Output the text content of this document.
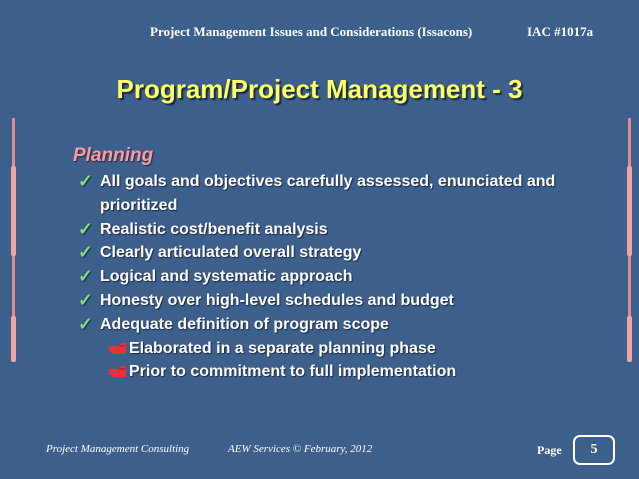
Project Management Issues and Considerations (Issacons)	IAC #1017a
Program/Project Management - 3
Planning
✓ All goals and objectives carefully assessed, enunciated and prioritized
✓ Realistic cost/benefit analysis
✓ Clearly articulated overall strategy
✓ Logical and systematic approach
✓ Honesty over high-level schedules and budget
✓ Adequate definition of program scope
Elaborated in a separate planning phase
Prior to commitment to full implementation
Project Management Consulting	AEW Services © February, 2012	Page	5
